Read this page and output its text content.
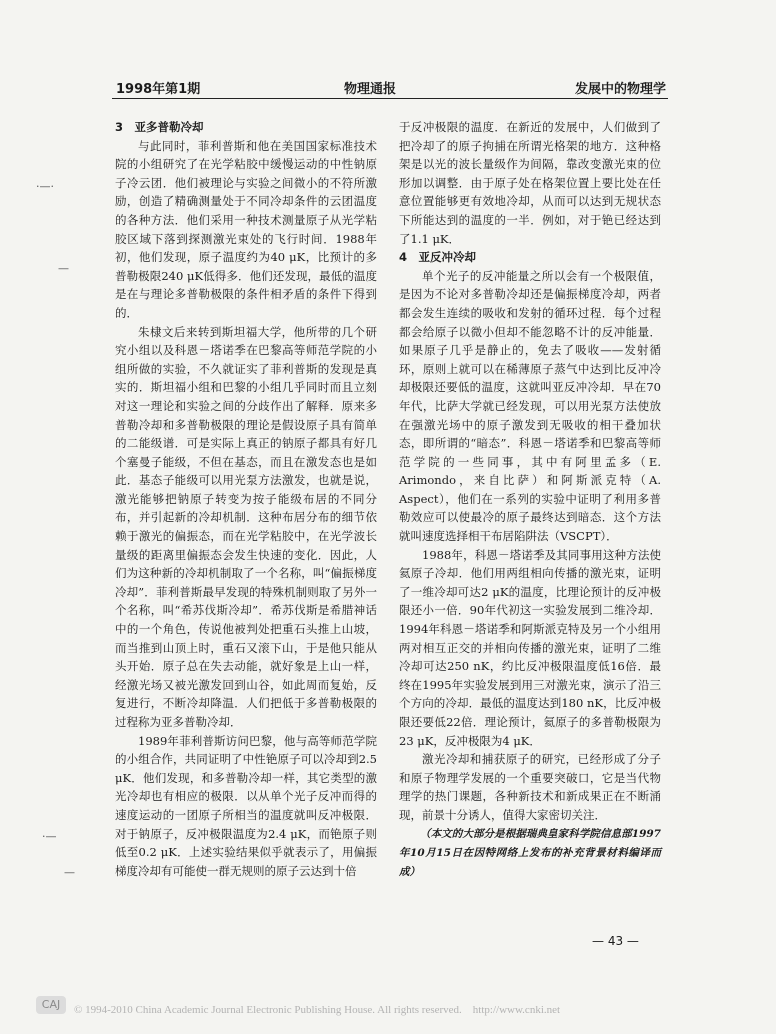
1998年第1期	物理通报	发展中的物理学
·—·
—
·—
—
3　亚多普勒冷却

与此同时，菲利普斯和他在美国国家标准技术院的小组研究了在光学粘胶中缓慢运动的中性钠原子冷云团．他们被理论与实验之间微小的不符所激励，创造了精确测量处于不同冷却条件的云团温度的各种方法．他们采用一种技术测量原子从光学粘胶区域下落到探测激光束处的飞行时间．1988年初，他们发现，原子温度约为40 μK，比预计的多普勒极限240 μK低得多．他们还发现，最低的温度是在与理论多普勒极限的条件相矛盾的条件下得到的．

朱棣文后来转到斯坦福大学，他所带的几个研究小组以及科恩－塔诺季在巴黎高等师范学院的小组所做的实验，不久就证实了菲利普斯的发现是真实的．斯坦福小组和巴黎的小组几乎同时而且立刻对这一理论和实验之间的分歧作出了解释．原来多普勒冷却和多普勒极限的理论是假设原子具有简单的二能级谱．可是实际上真正的钠原子都具有好几个塞曼子能级，不但在基态，而且在激发态也是如此．基态子能级可以用光泵方法激发，也就是说，激光能够把钠原子转变为按子能级布居的不同分布，并引起新的冷却机制．这种布居分布的细节依赖于激光的偏振态，而在光学粘胶中，在光学波长量级的距离里偏振态会发生快速的变化．因此，人们为这种新的冷却机制取了一个名称，叫“偏振梯度冷却”．菲利普斯最早发现的特殊机制则取了另外一个名称，叫“希苏伐斯冷却”．希苏伐斯是希腊神话中的一个角色，传说他被判处把重石头推上山坡，而当推到山顶上时，重石又滚下山，于是他只能从头开始．原子总在失去动能，就好象是上山一样，经激光场又被光激发回到山谷，如此周而复始，反复进行，不断冷却降温．人们把低于多普勒极限的过程称为亚多普勒冷却．

1989年菲利普斯访问巴黎，他与高等师范学院的小组合作，共同证明了中性铯原子可以冷却到2.5 μK．他们发现，和多普勒冷却一样，其它类型的激光冷却也有相应的极限．以从单个光子反冲而得的速度运动的一团原子所相当的温度就叫反冲极限．对于钠原子，反冲极限温度为2.4 μK，而铯原子则低至0.2 μK．上述实验结果似乎就表示了，用偏振梯度冷却有可能使一群无规则的原子云达到十倍

于反冲极限的温度．在新近的发展中，人们做到了把冷却了的原子拘捕在所谓光格架的地方．这种格架是以光的波长量级作为间隔，靠改变激光束的位形加以调整．由于原子处在格架位置上要比处在任意位置能够更有效地冷却，从而可以达到无规状态下所能达到的温度的一半．例如，对于铯已经达到了1.1 μK．

4　亚反冲冷却

单个光子的反冲能量之所以会有一个极限值，是因为不论对多普勒冷却还是偏振梯度冷却，两者都会发生连续的吸收和发射的循环过程．每个过程都会给原子以微小但却不能忽略不计的反冲能量．如果原子几乎是静止的，免去了吸收——发射循环，原则上就可以在稀薄原子蒸气中达到比反冲冷却极限还要低的温度，这就叫亚反冲冷却．早在70年代，比萨大学就已经发现，可以用光泵方法使放在强激光场中的原子激发到无吸收的相干叠加状态，即所谓的“暗态”．科恩－塔诺季和巴黎高等师范学院的一些同事，其中有阿里孟多（E. Arimondo，来自比萨）和阿斯派克特（A. Aspect），他们在一系列的实验中证明了利用多普勒效应可以使最冷的原子最终达到暗态．这个方法就叫速度选择相干布居陷阱法（VSCPT）．

1988年，科恩－塔诺季及其同事用这种方法使氦原子冷却．他们用两组相向传播的激光束，证明了一维冷却可达2 μK的温度，比理论预计的反冲极限还小一倍．90年代初这一实验发展到二维冷却．1994年科恩－塔诺季和阿斯派克特及另一个小组用两对相互正交的并相向传播的激光束，证明了二维冷却可达250 nK，约比反冲极限温度低16倍．最终在1995年实验发展到用三对激光束，演示了沿三个方向的冷却．最低的温度达到180 nK，比反冲极限还要低22倍．理论预计，氦原子的多普勒极限为23 μK，反冲极限为4 μK．

激光冷却和捕获原子的研究，已经形成了分子和原子物理学发展的一个重要突破口，它是当代物理学的热门课题，各种新技术和新成果正在不断涌现，前景十分诱人，值得大家密切关注．

（本文的大部分是根据瑞典皇家科学院信息部1997年10月15日在因特网络上发布的补充背景材料编译而成）

— 43 —
CAJ	© 1994-2010 China Academic Journal Electronic Publishing House. All rights reserved.　http://www.cnki.net
